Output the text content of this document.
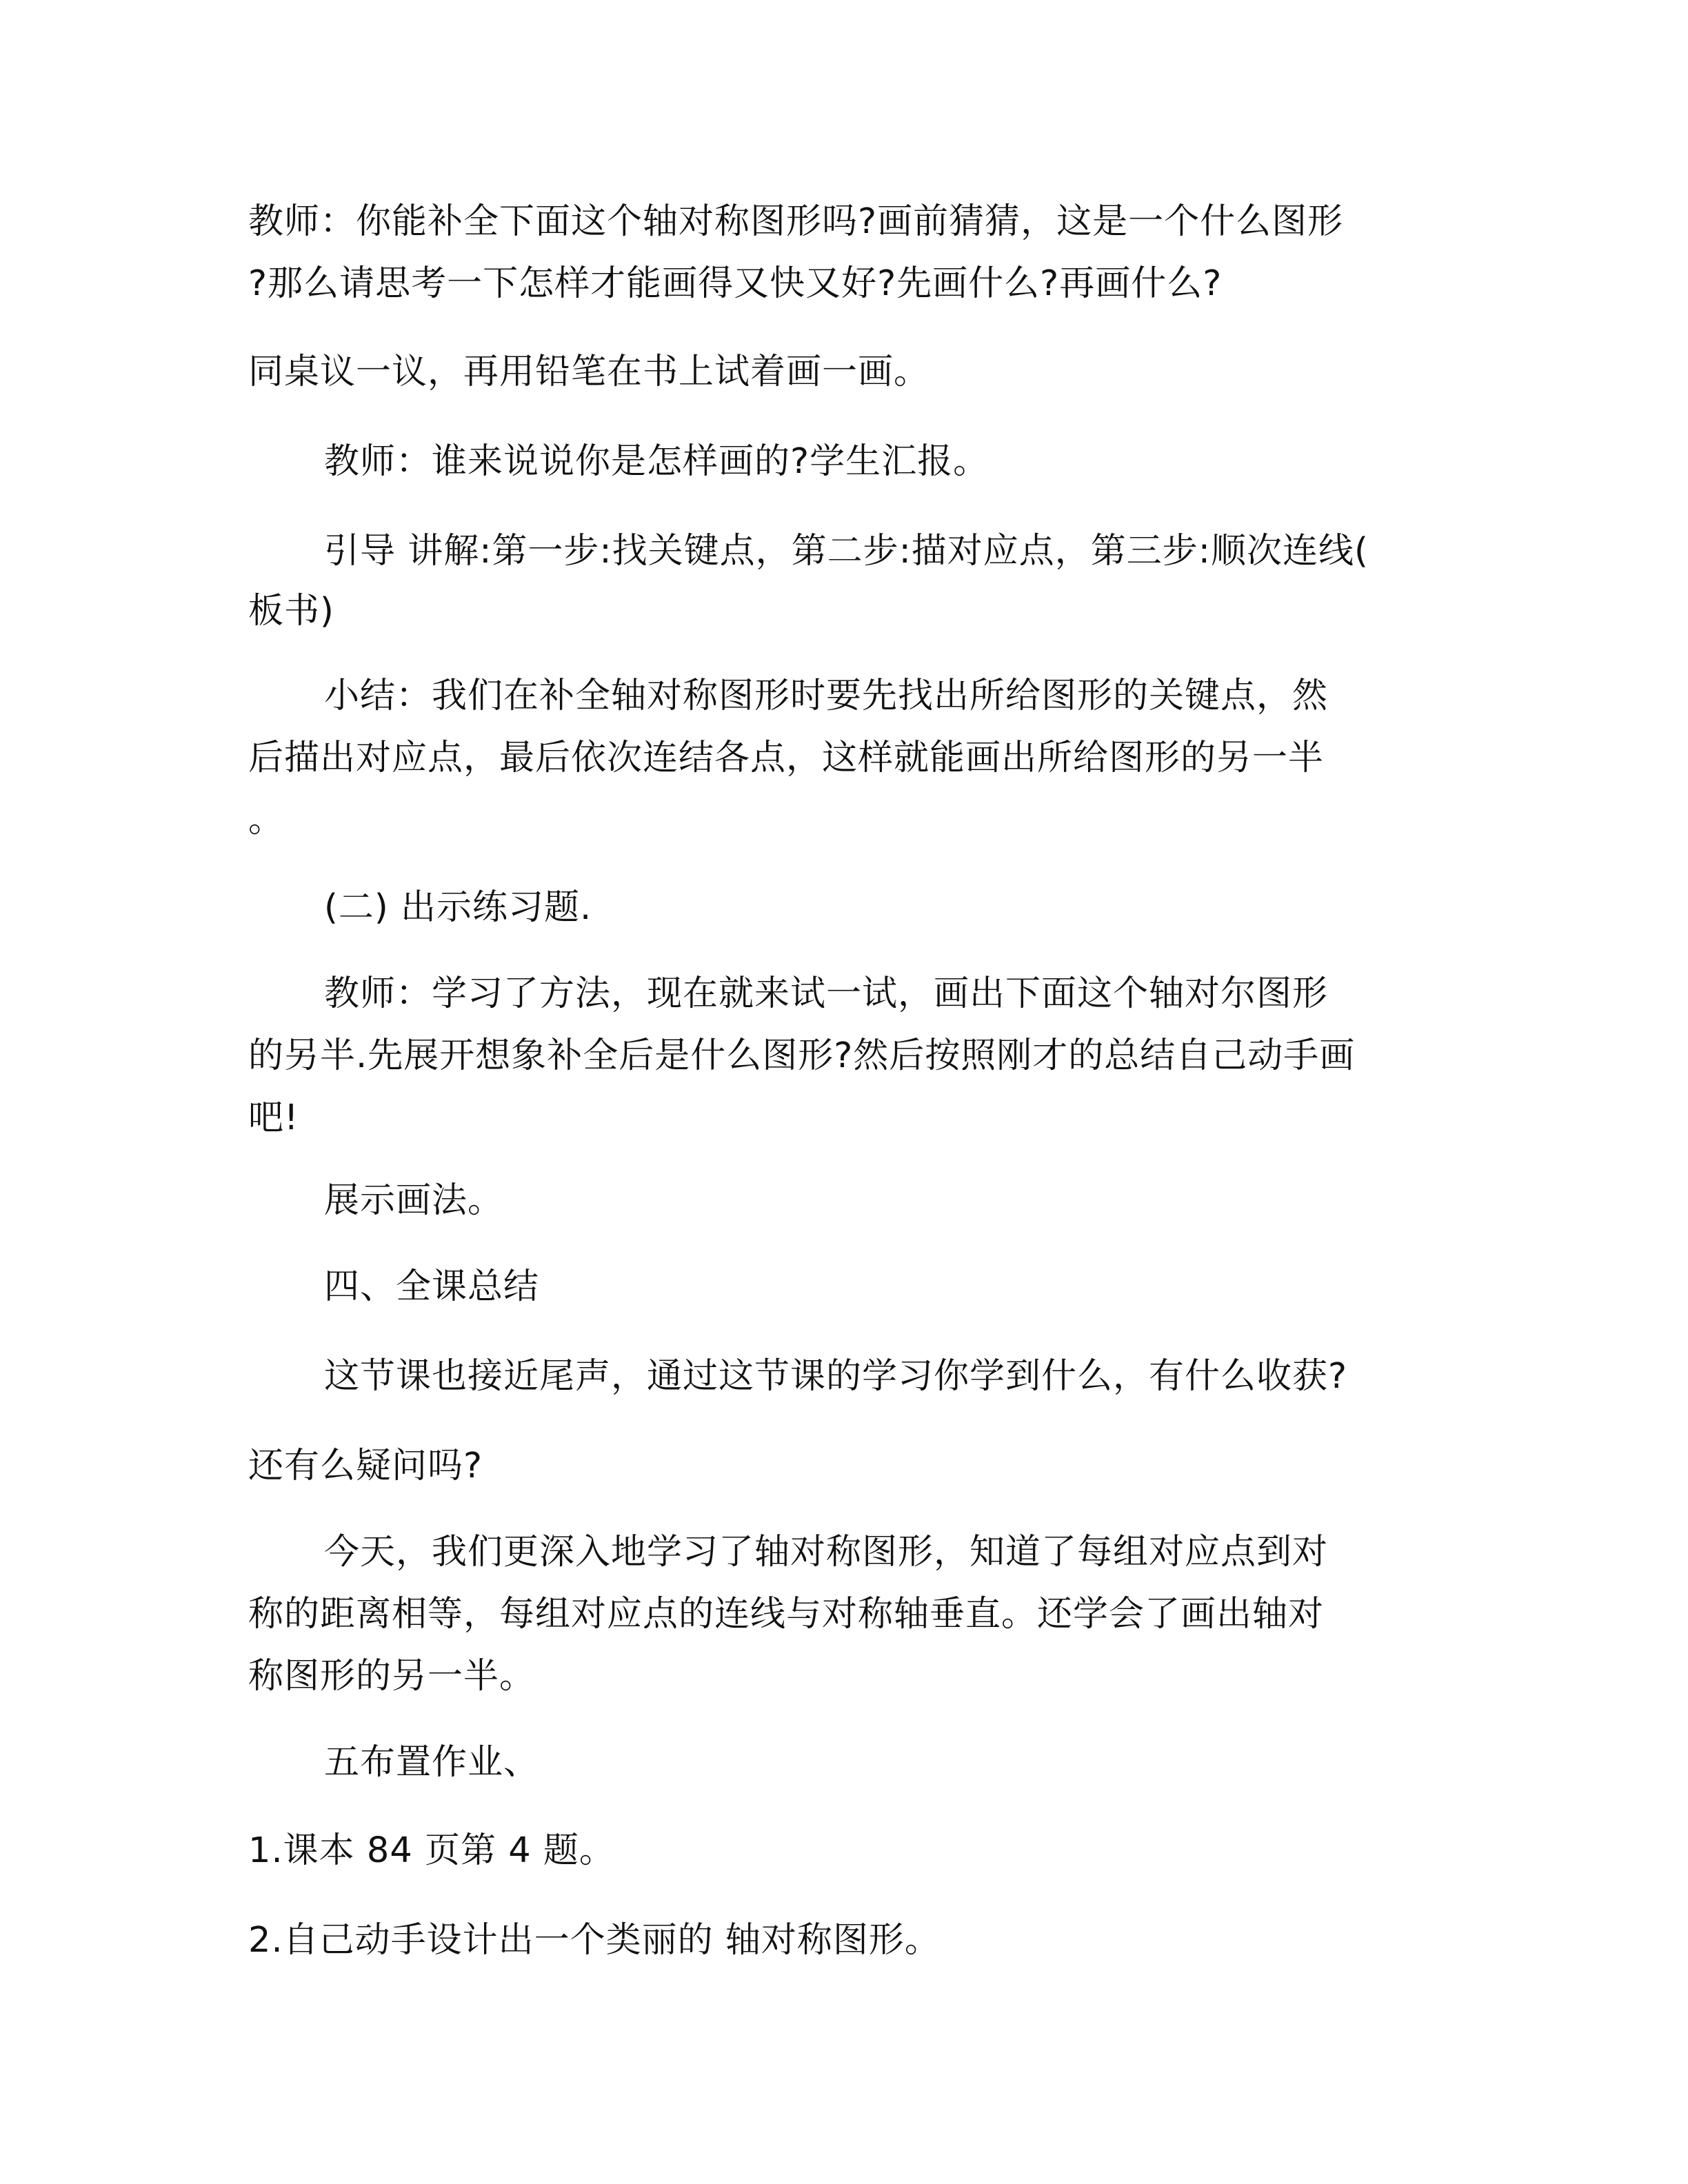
教师：你能补全下面这个轴对称图形吗?画前猜猜，这是一个什么图形
?那么请思考一下怎样才能画得又快又好?先画什么?再画什么?
同桌议一议，再用铅笔在书上试着画一画。
教师：谁来说说你是怎样画的?学生汇报。
引导 讲解:第一步:找关键点，第二步:描对应点，第三步:顺次连线(
板书)
小结：我们在补全轴对称图形时要先找出所给图形的关键点，然
后描出对应点，最后依次连结各点，这样就能画出所给图形的另一半
。
(二) 出示练习题.
教师：学习了方法，现在就来试一试，画出下面这个轴对尔图形
的另半.先展开想象补全后是什么图形?然后按照刚才的总结自己动手画
吧!
展示画法。
四、全课总结
这节课也接近尾声，通过这节课的学习你学到什么，有什么收获?
还有么疑问吗?
今天，我们更深入地学习了轴对称图形，知道了每组对应点到对
称的距离相等，每组对应点的连线与对称轴垂直。还学会了画出轴对
称图形的另一半。
五布置作业、
1.课本 84 页第 4 题。
2.自己动手设计出一个类丽的 轴对称图形。
